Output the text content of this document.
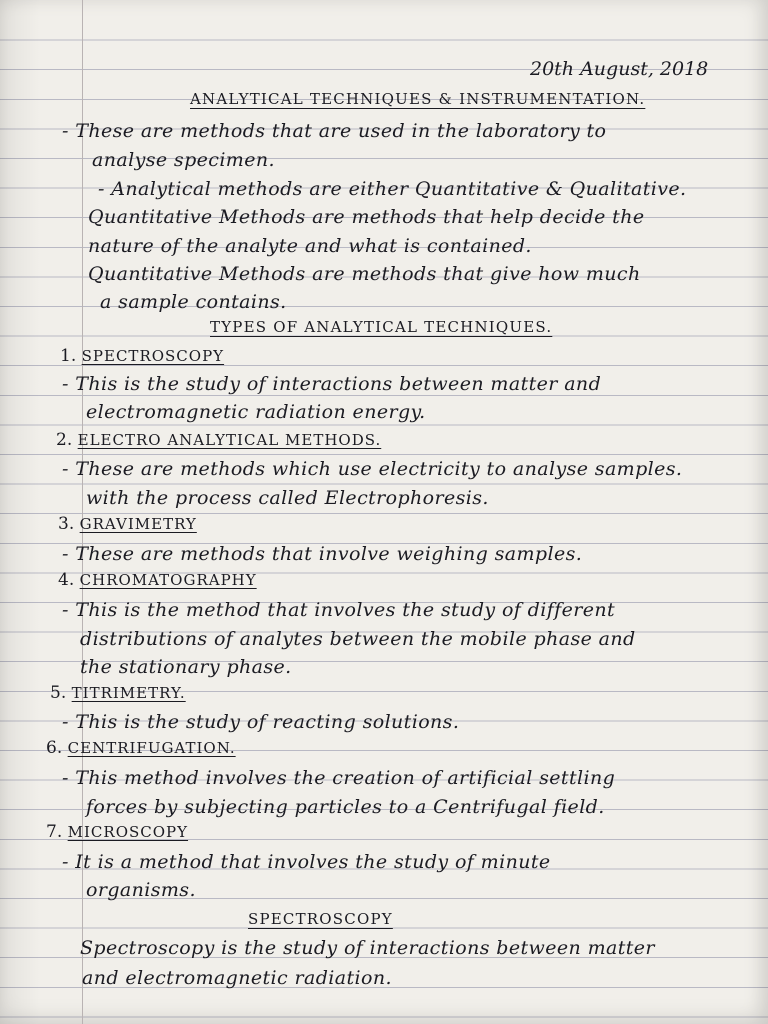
20th August, 2018
ANALYTICAL TECHNIQUES & INSTRUMENTATION.
- These are methods that are used in the laboratory to
analyse specimen.
- Analytical methods are either Quantitative & Qualitative.
Quantitative Methods are methods that help decide the
nature of the analyte and what is contained.
Quantitative Methods are methods that give how much
a sample contains.
TYPES OF ANALYTICAL TECHNIQUES.
1. SPECTROSCOPY
- This is the study of interactions between matter and
electromagnetic radiation energy.
2. ELECTRO ANALYTICAL METHODS.
- These are methods which use electricity to analyse samples.
with the process called Electrophoresis.
3. GRAVIMETRY
- These are methods that involve weighing samples.
4. CHROMATOGRAPHY
- This is the method that involves the study of different
distributions of analytes between the mobile phase and
the stationary phase.
5. TITRIMETRY.
- This is the study of reacting solutions.
6. CENTRIFUGATION.
- This method involves the creation of artificial settling
forces by subjecting particles to a Centrifugal field.
7. MICROSCOPY
- It is a method that involves the study of minute
organisms.
SPECTROSCOPY
Spectroscopy is the study of interactions between matter
and electromagnetic radiation.
